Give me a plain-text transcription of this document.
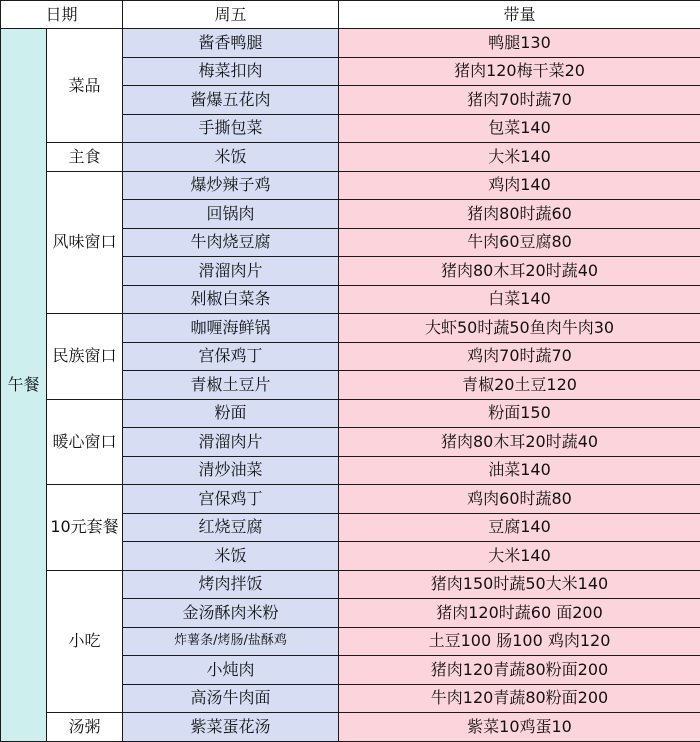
日期		周五	带量
午餐	菜品	酱香鸭腿	鸭腿130
		梅菜扣肉	猪肉120梅干菜20
		酱爆五花肉	猪肉70时蔬70
		手撕包菜	包菜140
	主食	米饭	大米140
	风味窗口	爆炒辣子鸡	鸡肉140
		回锅肉	猪肉80时蔬60
		牛肉烧豆腐	牛肉60豆腐80
		滑溜肉片	猪肉80木耳20时蔬40
		剁椒白菜条	白菜140
	民族窗口	咖喱海鲜锅	大虾50时蔬50鱼肉牛肉30
		宫保鸡丁	鸡肉70时蔬70
		青椒土豆片	青椒20土豆120
	暖心窗口	粉面	粉面150
		滑溜肉片	猪肉80木耳20时蔬40
		清炒油菜	油菜140
	10元套餐	宫保鸡丁	鸡肉60时蔬80
		红烧豆腐	豆腐140
		米饭	大米140
	小吃	烤肉拌饭	猪肉150时蔬50大米140
		金汤酥肉米粉	猪肉120时蔬60 面200
		炸薯条/烤肠/盐酥鸡	土豆100 肠100 鸡肉120
		小炖肉	猪肉120青蔬80粉面200
		高汤牛肉面	牛肉120青蔬80粉面200
	汤粥	紫菜蛋花汤	紫菜10鸡蛋10
